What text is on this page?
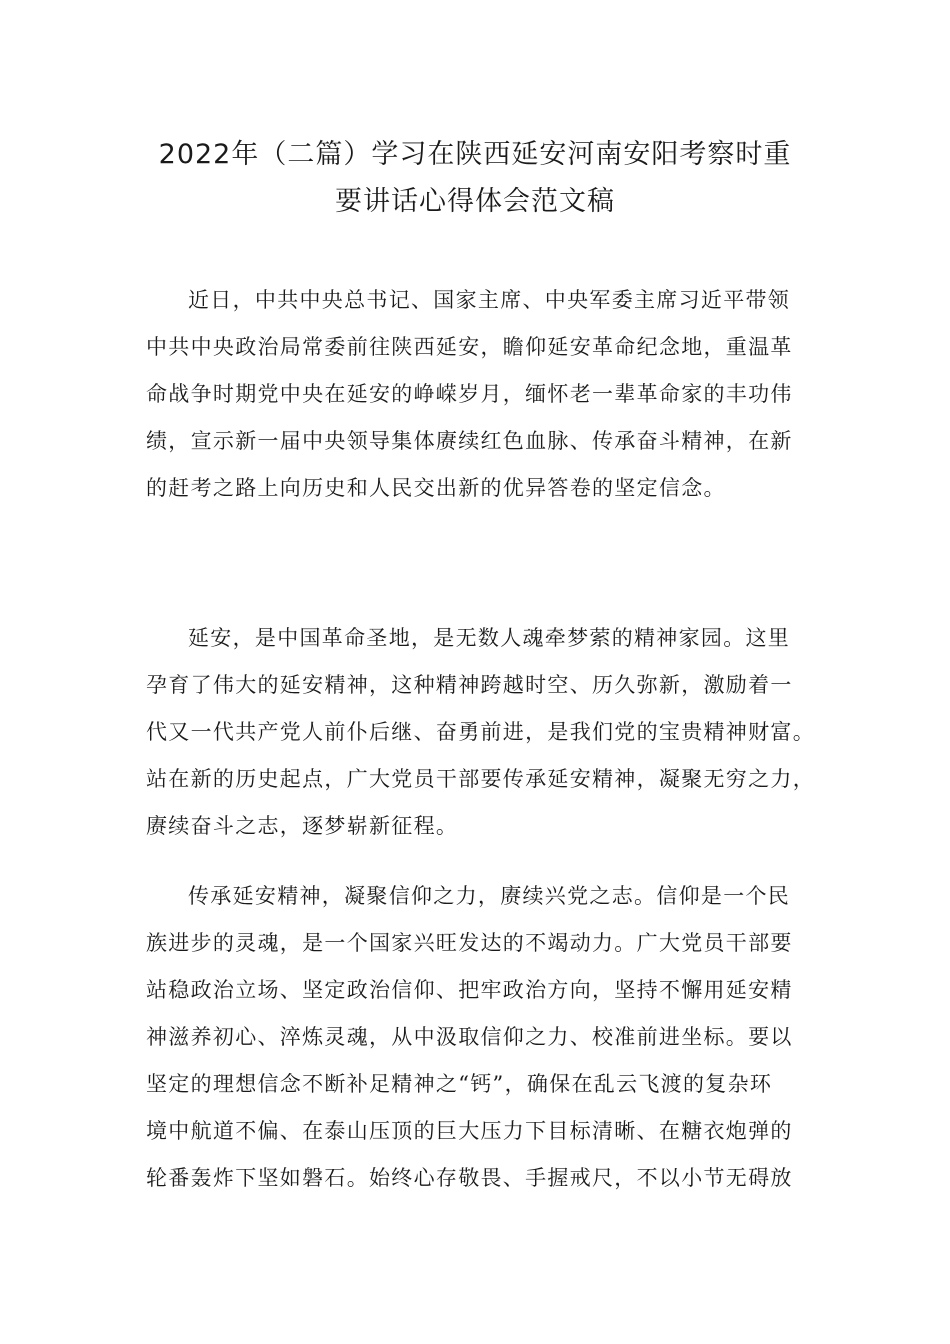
2022年（二篇）学习在陕西延安河南安阳考察时重
要讲话心得体会范文稿
近日，中共中央总书记、国家主席、中央军委主席习近平带领
中共中央政治局常委前往陕西延安，瞻仰延安革命纪念地，重温革
命战争时期党中央在延安的峥嵘岁月，缅怀老一辈革命家的丰功伟
绩，宣示新一届中央领导集体赓续红色血脉、传承奋斗精神，在新
的赶考之路上向历史和人民交出新的优异答卷的坚定信念。
延安，是中国革命圣地，是无数人魂牵梦萦的精神家园。这里
孕育了伟大的延安精神，这种精神跨越时空、历久弥新，激励着一
代又一代共产党人前仆后继、奋勇前进，是我们党的宝贵精神财富。
站在新的历史起点，广大党员干部要传承延安精神，凝聚无穷之力，
赓续奋斗之志，逐梦崭新征程。
传承延安精神，凝聚信仰之力，赓续兴党之志。信仰是一个民
族进步的灵魂，是一个国家兴旺发达的不竭动力。广大党员干部要
站稳政治立场、坚定政治信仰、把牢政治方向，坚持不懈用延安精
神滋养初心、淬炼灵魂，从中汲取信仰之力、校准前进坐标。要以
坚定的理想信念不断补足精神之“钙”，确保在乱云飞渡的复杂环
境中航道不偏、在泰山压顶的巨大压力下目标清晰、在糖衣炮弹的
轮番轰炸下坚如磐石。始终心存敬畏、手握戒尺，不以小节无碍放
